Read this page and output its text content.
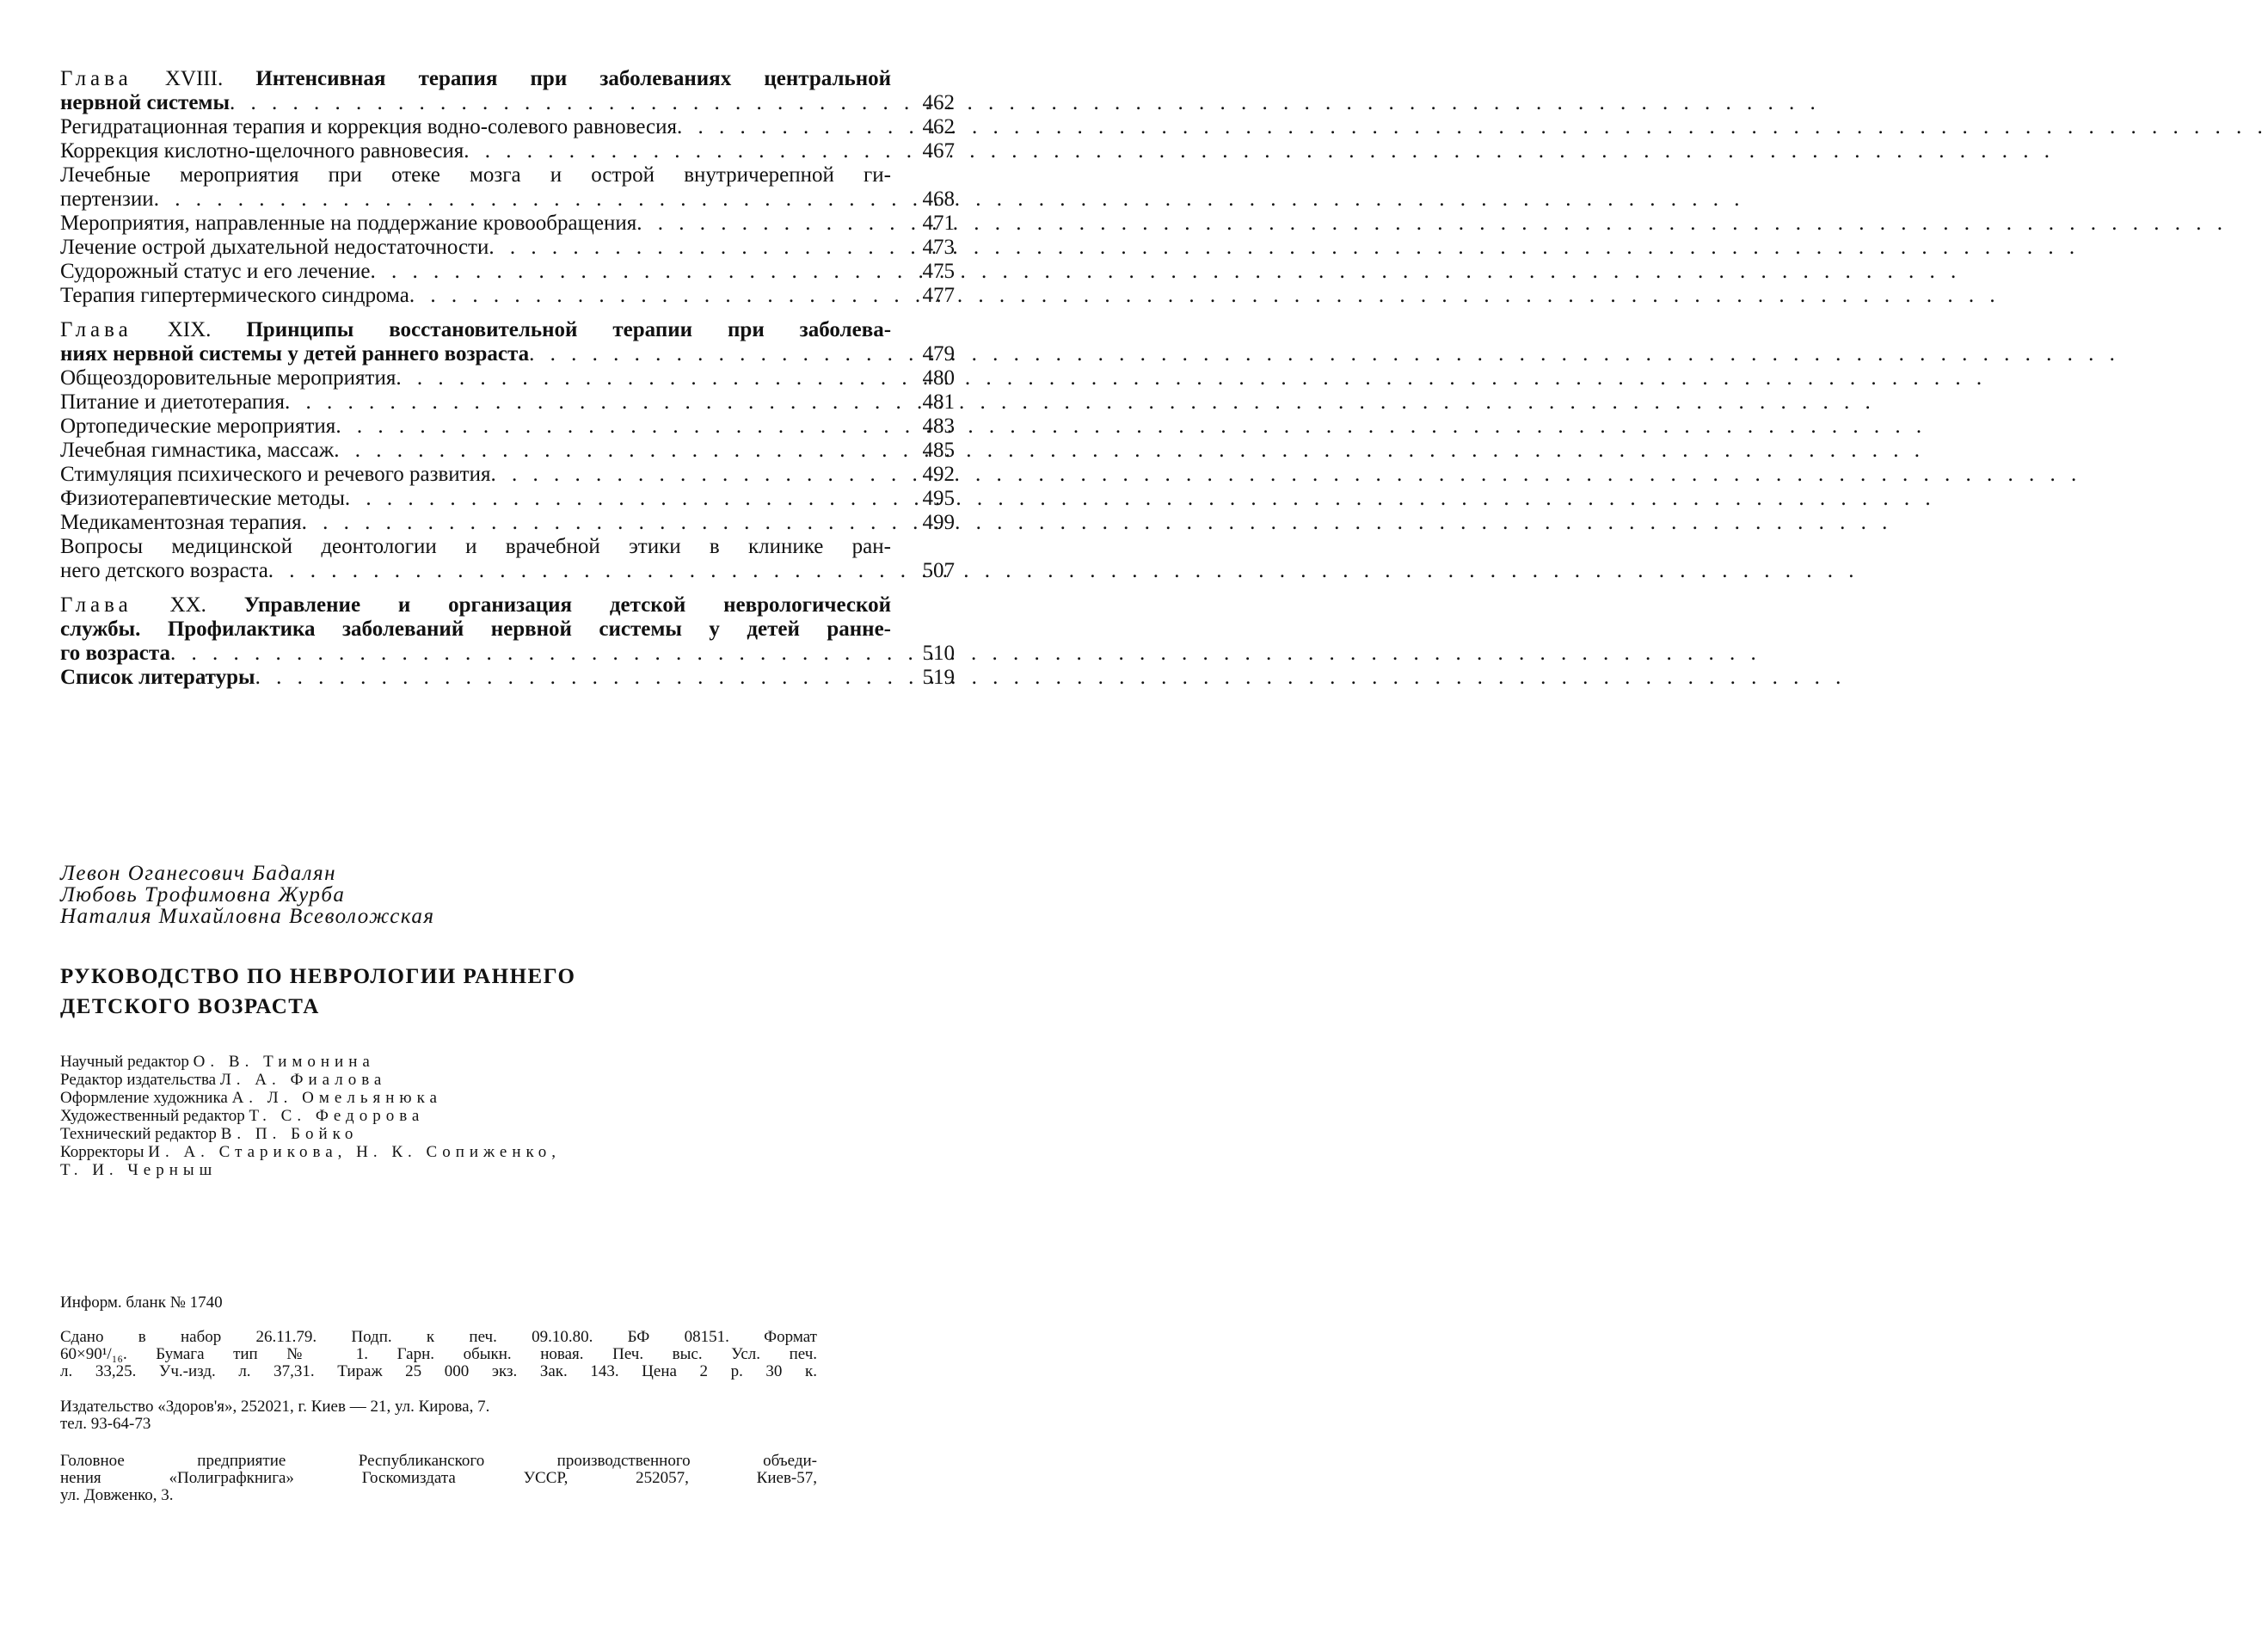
Глава XVIII. Интенсивная терапия при заболеваниях центральной
нервной системы
. . .	462
Регидратационная терапия и коррекция водно-солевого равновесия
. . .	462
Коррекция кислотно-щелочного равновесия
. . .	467
Лечебные мероприятия при отеке мозга и острой внутричерепной ги-
пертензии
. . .	468
Мероприятия, направленные на поддержание кровообращения
. . .	471
Лечение острой дыхательной недостаточности
. . .	473
Судорожный статус и его лечение
. . .	475
Терапия гипертермического синдрома
. . .	477
Глава XIX. Принципы восстановительной терапии при заболева-
ниях нервной системы у детей раннего возраста
. . .	479
Общеоздоровительные мероприятия
. . .	480
Питание и диетотерапия
. . .	481
Ортопедические мероприятия
. . .	483
Лечебная гимнастика, массаж
. . .	485
Стимуляция психического и речевого развития
. . .	492
Физиотерапевтические методы
. . .	495
Медикаментозная терапия
. . .	499
Вопросы медицинской деонтологии и врачебной этики в клинике ран-
него детского возраста
. . .	507
Глава XX. Управление и организация детской неврологической
службы. Профилактика заболеваний нервной системы у детей ранне-
го возраста
. . .	510
Список литературы
. . .	519
Левон Оганесович Бадалян
Любовь Трофимовна Журба
Наталия Михайловна Всеволожская
РУКОВОДСТВО ПО НЕВРОЛОГИИ РАННЕГО
ДЕТСКОГО ВОЗРАСТА
Научный редактор О. В. Тимонина
Редактор издательства Л. А. Фиалова
Оформление художника А. Л. Омельянюка
Художественный редактор Т. С. Федорова
Технический редактор В. П. Бойко
Корректоры И. А. Старикова, Н. К. Сопиженко,
Т. И. Черныш
Информ. бланк № 1740
Сдано в набор 26.11.79. Подп. к печ. 09.10.80. БФ 08151. Формат
60×90¹/₁₆. Бумага тип № 1. Гарн. обыкн. новая. Печ. выс. Усл. печ.
л. 33,25. Уч.-изд. л. 37,31. Тираж 25 000 экз. Зак. 143. Цена 2 р. 30 к.
Издательство «Здоров'я», 252021, г. Киев — 21, ул. Кирова, 7.
тел. 93-64-73
Головное предприятие Республиканского производственного объеди-
нения «Полиграфкнига» Госкомиздата УССР, 252057, Киев-57,
ул. Довженко, 3.
